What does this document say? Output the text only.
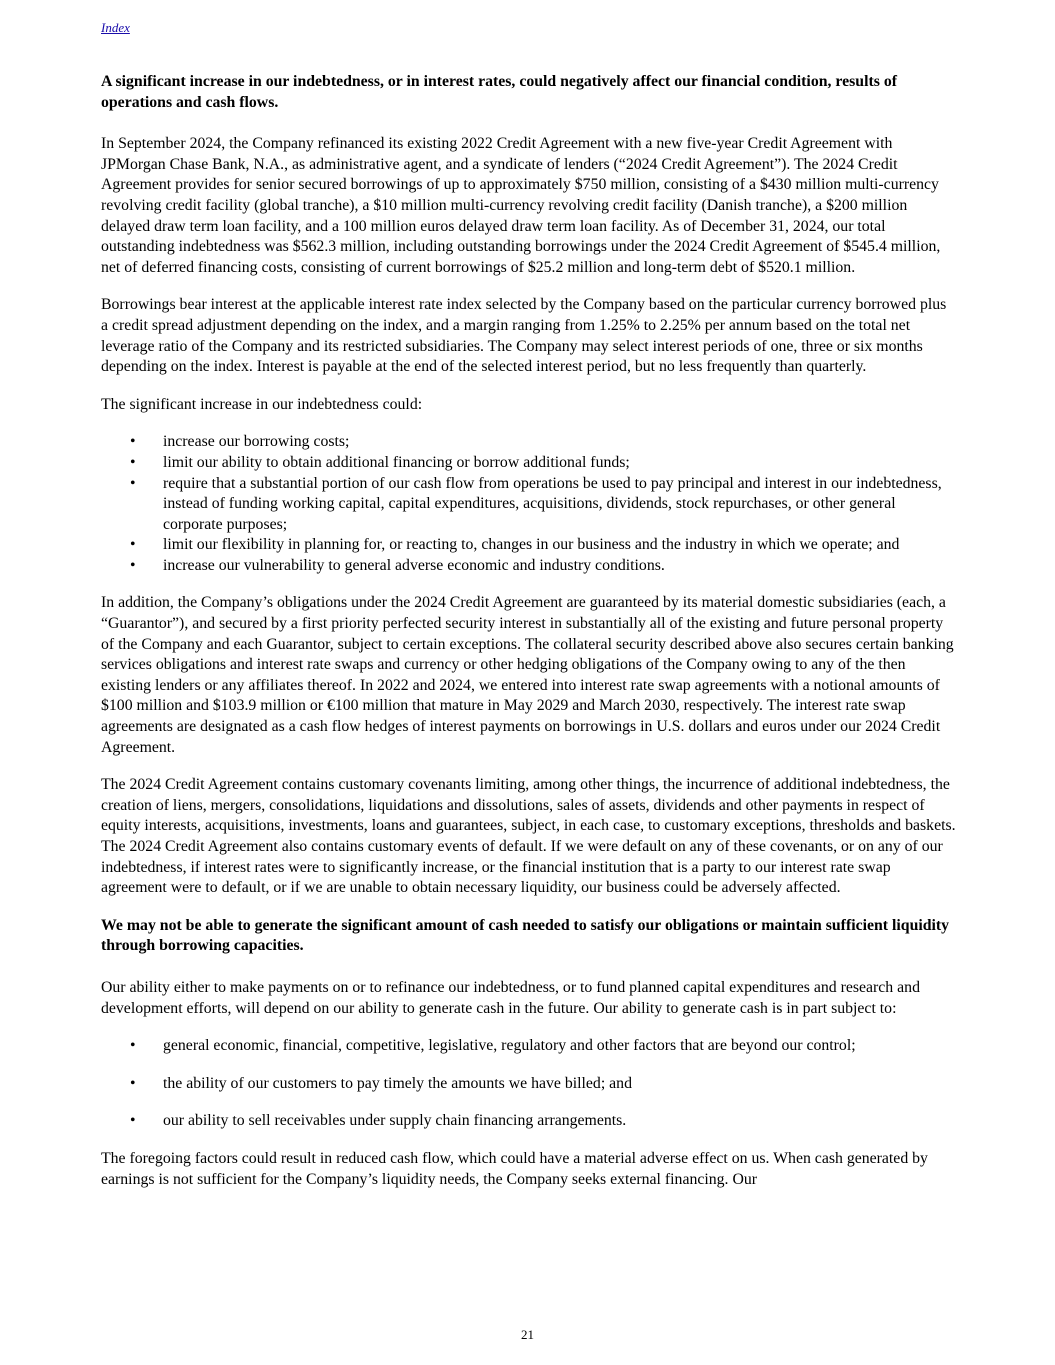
Index

A significant increase in our indebtedness, or in interest rates, could negatively affect our financial condition, results of operations and cash flows.

In September 2024, the Company refinanced its existing 2022 Credit Agreement with a new five-year Credit Agreement with JPMorgan Chase Bank, N.A., as administrative agent, and a syndicate of lenders (“2024 Credit Agreement”). The 2024 Credit Agreement provides for senior secured borrowings of up to approximately $750 million, consisting of a $430 million multi-currency revolving credit facility (global tranche), a $10 million multi-currency revolving credit facility (Danish tranche), a $200 million delayed draw term loan facility, and a 100 million euros delayed draw term loan facility. As of December 31, 2024, our total outstanding indebtedness was $562.3 million, including outstanding borrowings under the 2024 Credit Agreement of $545.4 million, net of deferred financing costs, consisting of current borrowings of $25.2 million and long-term debt of $520.1 million.

Borrowings bear interest at the applicable interest rate index selected by the Company based on the particular currency borrowed plus a credit spread adjustment depending on the index, and a margin ranging from 1.25% to 2.25% per annum based on the total net leverage ratio of the Company and its restricted subsidiaries. The Company may select interest periods of one, three or six months depending on the index. Interest is payable at the end of the selected interest period, but no less frequently than quarterly.

The significant increase in our indebtedness could:

• increase our borrowing costs;
• limit our ability to obtain additional financing or borrow additional funds;
• require that a substantial portion of our cash flow from operations be used to pay principal and interest in our indebtedness, instead of funding working capital, capital expenditures, acquisitions, dividends, stock repurchases, or other general corporate purposes;
• limit our flexibility in planning for, or reacting to, changes in our business and the industry in which we operate; and
• increase our vulnerability to general adverse economic and industry conditions.

In addition, the Company’s obligations under the 2024 Credit Agreement are guaranteed by its material domestic subsidiaries (each, a “Guarantor”), and secured by a first priority perfected security interest in substantially all of the existing and future personal property of the Company and each Guarantor, subject to certain exceptions. The collateral security described above also secures certain banking services obligations and interest rate swaps and currency or other hedging obligations of the Company owing to any of the then existing lenders or any affiliates thereof. In 2022 and 2024, we entered into interest rate swap agreements with a notional amounts of $100 million and $103.9 million or €100 million that mature in May 2029 and March 2030, respectively. The interest rate swap agreements are designated as a cash flow hedges of interest payments on borrowings in U.S. dollars and euros under our 2024 Credit Agreement.

The 2024 Credit Agreement contains customary covenants limiting, among other things, the incurrence of additional indebtedness, the creation of liens, mergers, consolidations, liquidations and dissolutions, sales of assets, dividends and other payments in respect of equity interests, acquisitions, investments, loans and guarantees, subject, in each case, to customary exceptions, thresholds and baskets. The 2024 Credit Agreement also contains customary events of default. If we were default on any of these covenants, or on any of our indebtedness, if interest rates were to significantly increase, or the financial institution that is a party to our interest rate swap agreement were to default, or if we are unable to obtain necessary liquidity, our business could be adversely affected.

We may not be able to generate the significant amount of cash needed to satisfy our obligations or maintain sufficient liquidity through borrowing capacities.

Our ability either to make payments on or to refinance our indebtedness, or to fund planned capital expenditures and research and development efforts, will depend on our ability to generate cash in the future. Our ability to generate cash is in part subject to:

• general economic, financial, competitive, legislative, regulatory and other factors that are beyond our control;
• the ability of our customers to pay timely the amounts we have billed; and
• our ability to sell receivables under supply chain financing arrangements.

The foregoing factors could result in reduced cash flow, which could have a material adverse effect on us. When cash generated by earnings is not sufficient for the Company’s liquidity needs, the Company seeks external financing. Our

21
